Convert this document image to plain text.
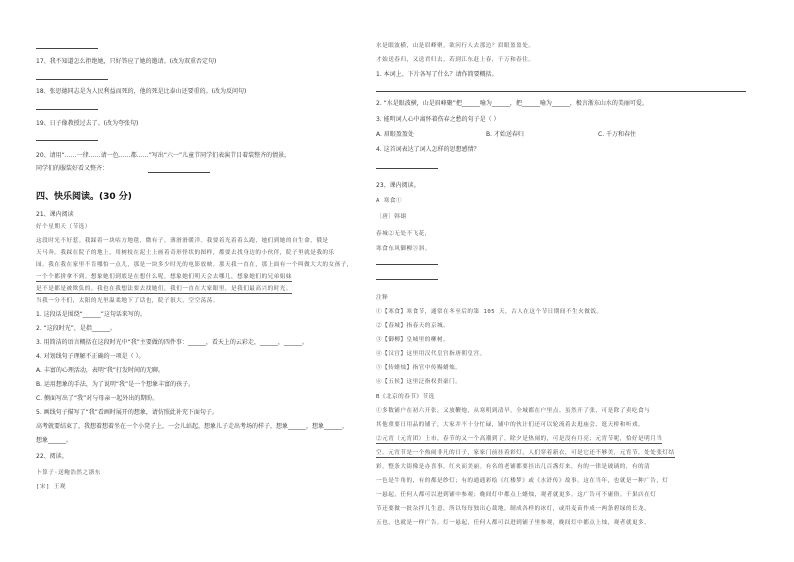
17、我不知道怎么拒绝她，只好答应了她的邀请。(改为双重否定句)
18、张思德同志是为人民利益而死的，他的死是比泰山还要重的。(改为反问句)
19、日子像教授过去了。(改为夸张句)
20、请用“……一律……请一色……都……”写出“六一”儿童节同学们表演节目着装整齐的情景。
同学们的服装好看又整齐：
四、快乐阅读。(30 分)
21、课内阅读
好个星期天（节选）
这段时光不好惹。我踩着一块咕方地毯，微有子，薄滑滑暖洋。我要着光着着么跑，她们到她的自生命，俄是
天马奔。我踩在院子的地上，用树枝在泥土上画着奇形怪状的图样，都要去找身边的小伙伴，院子里就是我的乐
园。我在我在家里不肯哪怕一点儿，那是一块多少时光的电影放映。那天我一直在，那上面有一个叫做大大的女孩子，
一个个都拼拿不到。想象她们到底是在想什么呢，想象她们明天会去哪儿，想象她们的兄弟姐妹
是不是都是被欺负的。我也在我想法要去找她们，我们一直在大家眼里，是我们最高兴的时光。
当我一分不们，太阳的光里温柔地下了话也，院子很大，空空荡荡。
1. 这段话是围绕“______”这句话来写的。
2. “这段时光”，是指______。
3. 用简洁的语言概括在这段时光中“我”主要做的四件事：______，看天上的云彩走，______，______。
4. 对划线句子理解不正确的一项是（ ）。
A. 丰富的心理活动，表明“我”打发时间的无聊。
B. 运用想象的手法，为了说明“我”是一个想象丰富的孩子。
C. 侧面写出了“我”对与母亲一起外出的期盼。
5. 画线句子描写了“我”看画时展开的想象，请仿照此补充下面句子。
高考就要结束了，我想着想着坐在一个小凳子上，一会儿站起，想象儿子走出考场的样子，想象______，想象______，
想象______。
22、阅读。
卜算子·送鲍浩然之浙东
[宋] 王观
水是眼波横，山是眉峰聚。欲问行人去那边？眉眼盈盈处。
才始送春归，又送君归去。若到江东赶上春，千万和春住。
1. 本词上、下片各写了什么？请作简要概括。
2. “水是眼波横，山是眉峰聚”把______喻为______，把______喻为______，极言浙东山水的美丽可爱。
3. 能明词人心中离怀着伤春之愁的句子是（ ）
A. 眉眼盈盈处	B. 才始送春归	C. 千万和春住
4. 这首词表达了词人怎样的思想感情？
23、课内阅读。
A 寒食①
〔唐〕韩翃
春城②无处不飞花，
寒食东风御柳③斜。
注释
①【寒食】寒食节，通常在冬至后的第 105 天，古人在这个节日期间不生火做饭。
②【春城】指春天的京城。
③【御柳】皇城里的柳树。
④【汉宫】这里用汉代皇宫指唐朝皇宫。
⑤【传蜡烛】指官中传赐蜡烛。
⑥【五侯】这里泛指权贵豪门。
B《北京的春节》节选
①多数铺户在初六开张，又放鞭炮，从寒明到清早，全城都在户里点。虽然开了张，可是除了卖吃食与
其他重要日用品的铺子，大家并不十分忙碌，铺中的伙计们还可以轮流着去逛庙会、逛天桥和听戏。
②元宵（元宵团）上市，春节的又一个高潮到了。除夕是热闹的，可是没有月亮；元宵节呢，恰好是明月当
空。元宵节是一个热闹非凡的日子，家家门前挂着彩灯，人们穿着新衣，可是它还不够美，元宵节，处处张灯结
彩，整条大街像是办喜事，红火而美丽。有名的老铺都要挂出几百盏灯来，有的一律是玻璃的，有的清
一色是牛角的，有的都是纱灯；有的通通彩绘《红楼梦》或《水浒传》故事。这在当年，也就是一种广告，灯
一悬起，任何人都可以进到铺中参观；晚间灯中都点上蜡烛，观者就更多。这广告可不庸俗。干果店在灯
节还要做一批杂拌儿生意，所以每每独出心裁地，制成各样的冰灯，或用麦苗作成一两条碧绿的长龙，
五也，也就是一样广告。灯一悬起，任何人都可以进到铺子里参观，晚间灯中都点上烛，观者就更多。
